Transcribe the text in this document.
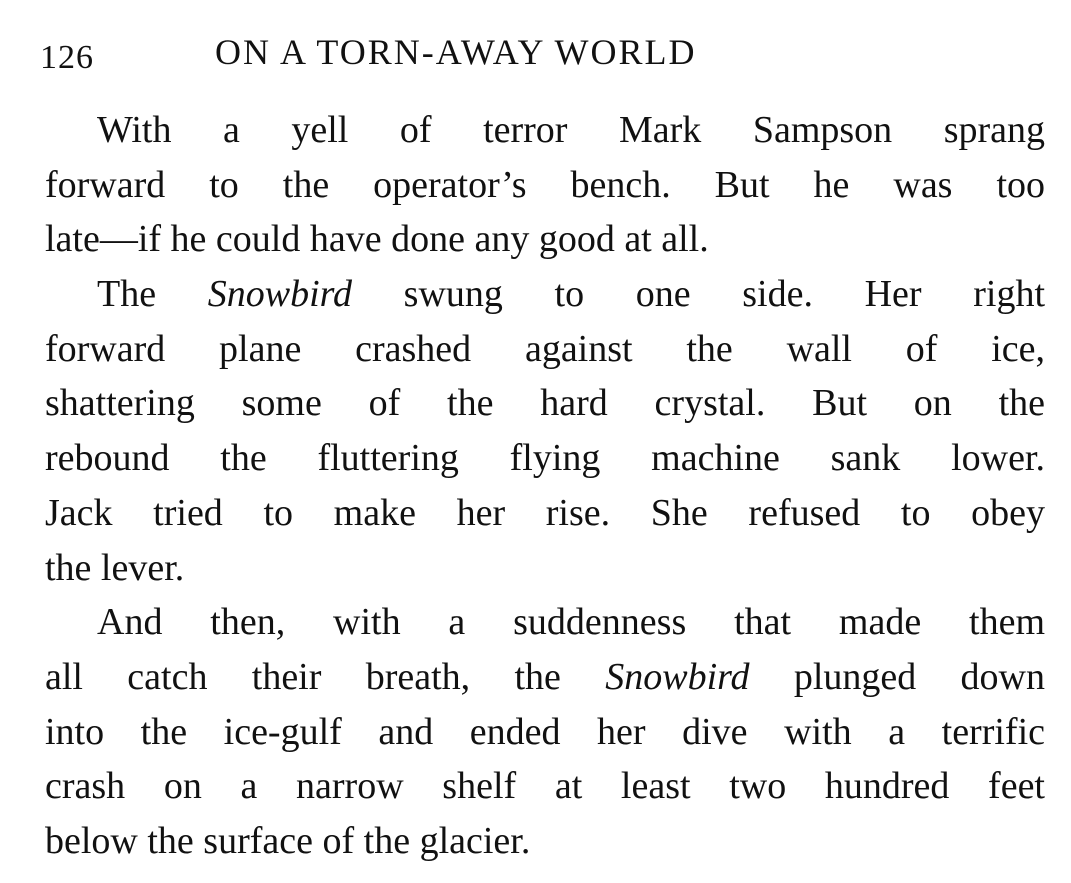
126	ON A TORN-AWAY WORLD
With a yell of terror Mark Sampson sprang
forward to the operator’s bench. But he was too
late—if he could have done any good at all.
The Snowbird swung to one side. Her right
forward plane crashed against the wall of ice,
shattering some of the hard crystal. But on the
rebound the fluttering flying machine sank lower.
Jack tried to make her rise. She refused to obey
the lever.
And then, with a suddenness that made them
all catch their breath, the Snowbird plunged down
into the ice-gulf and ended her dive with a terrific
crash on a narrow shelf at least two hundred feet
below the surface of the glacier.
